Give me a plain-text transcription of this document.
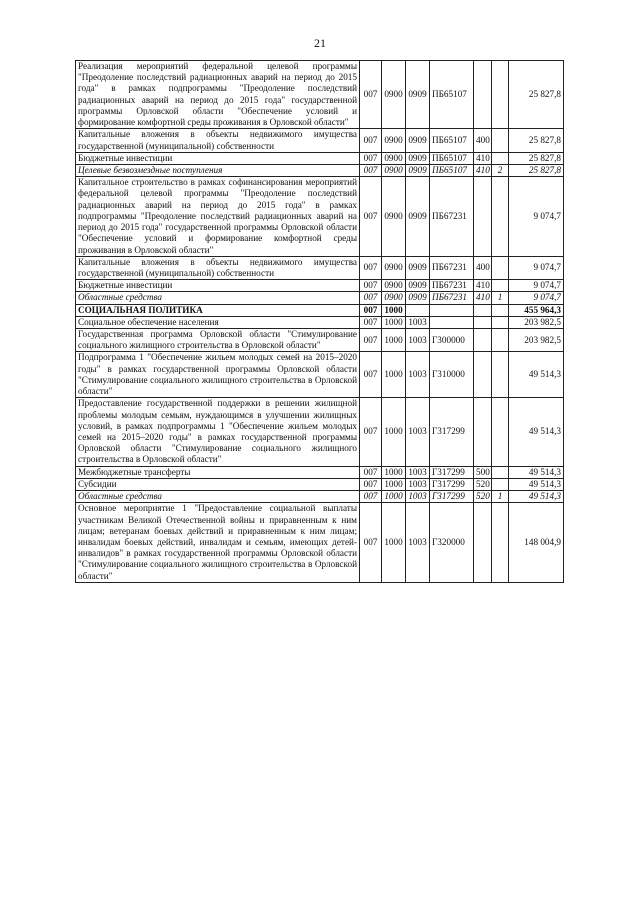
21
Реализация мероприятий федеральной целевой программы "Преодоление последствий радиационных аварий на период до 2015 года" в рамках подпрограммы "Преодоление последствий радиационных аварий на период до 2015 года" государственной программы Орловской области "Обеспечение условий и формирование комфортной среды проживания в Орловской области"	007	0900	0909	ПБ65107			25 827,8
Капитальные вложения в объекты недвижимого имущества государственной (муниципальной) собственности	007	0900	0909	ПБ65107	400		25 827,8
Бюджетные инвестиции	007	0900	0909	ПБ65107	410		25 827,8
Целевые безвозмездные поступления	007	0900	0909	ПБ65107	410	2	25 827,8
Капитальное строительство в рамках софинансирования мероприятий федеральной целевой программы "Преодоление последствий радиационных аварий на период до 2015 года" в рамках подпрограммы "Преодоление последствий радиационных аварий на период до 2015 года" государственной программы Орловской области "Обеспечение условий и формирование комфортной среды проживания в Орловской области"	007	0900	0909	ПБ67231			9 074,7
Капитальные вложения в объекты недвижимого имущества государственной (муниципальной) собственности	007	0900	0909	ПБ67231	400		9 074,7
Бюджетные инвестиции	007	0900	0909	ПБ67231	410		9 074,7
Областные средства	007	0900	0909	ПБ67231	410	1	9 074,7
СОЦИАЛЬНАЯ ПОЛИТИКА	007	1000					455 964,3
Социальное обеспечение населения	007	1000	1003				203 982,5
Государственная программа Орловской области "Стимулирование социального жилищного строительства в Орловской области"	007	1000	1003	Г300000			203 982,5
Подпрограмма 1 "Обеспечение жильем молодых семей на 2015–2020 годы" в рамках государственной программы Орловской области "Стимулирование социального жилищного строительства в Орловской области"	007	1000	1003	Г310000			49 514,3
Предоставление государственной поддержки в решении жилищной проблемы молодым семьям, нуждающимся в улучшении жилищных условий, в рамках подпрограммы 1 "Обеспечение жильем молодых семей на 2015–2020 годы" в рамках государственной программы Орловской области "Стимулирование социального жилищного строительства в Орловской области"	007	1000	1003	Г317299			49 514,3
Межбюджетные трансферты	007	1000	1003	Г317299	500		49 514,3
Субсидии	007	1000	1003	Г317299	520		49 514,3
Областные средства	007	1000	1003	Г317299	520	1	49 514,3
Основное мероприятие 1 "Предоставление социальной выплаты участникам Великой Отечественной войны и приравненным к ним лицам; ветеранам боевых действий и приравненным к ним лицам; инвалидам боевых действий, инвалидам и семьям, имеющих детей-инвалидов" в рамках государственной программы Орловской области "Стимулирование социального жилищного строительства в Орловской области"	007	1000	1003	Г320000			148 004,9
